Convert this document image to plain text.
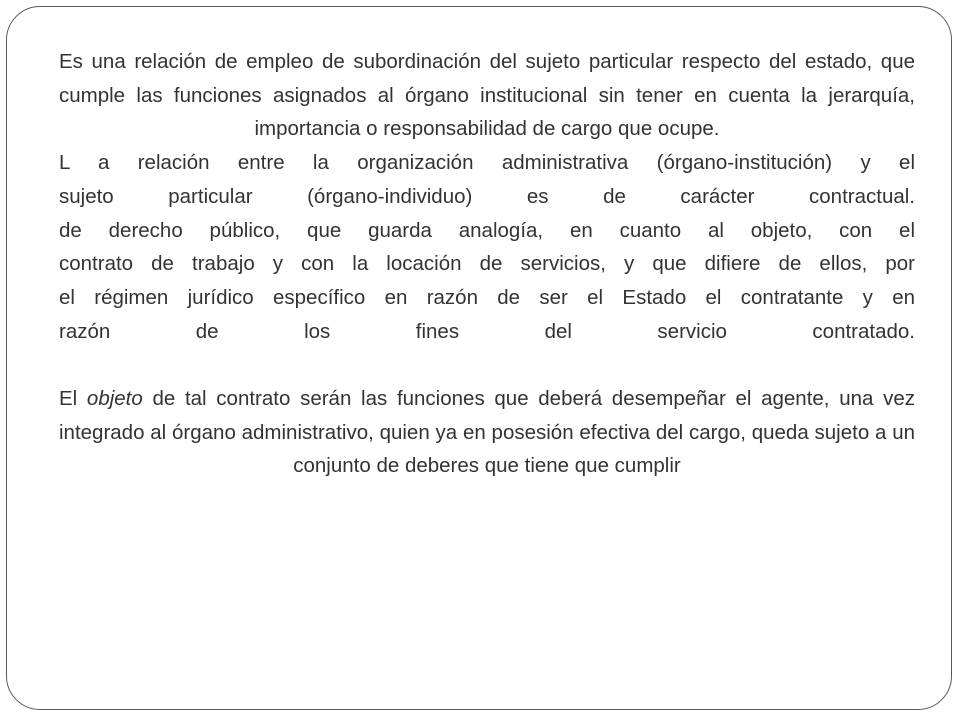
Es una relación de empleo de subordinación del sujeto particular respecto del estado, que cumple las funciones asignados al órgano institucional sin tener en cuenta la jerarquía, importancia o responsabilidad de cargo que ocupe.

L a relación entre la organización administrativa (órgano-institución) y el

sujeto particular (órgano-individuo) es de carácter contractual.

de derecho público, que guarda analogía, en cuanto al objeto, con el

contrato de trabajo y con la locación de servicios, y que difiere de ellos, por

el régimen jurídico específico en razón de ser el Estado el contratante y en

razón de los fines del servicio contratado.

El objeto de tal contrato serán las funciones que deberá desempeñar el agente, una vez integrado al órgano administrativo, quien ya en posesión efectiva del cargo, queda sujeto a un conjunto de deberes que tiene que cumplir
